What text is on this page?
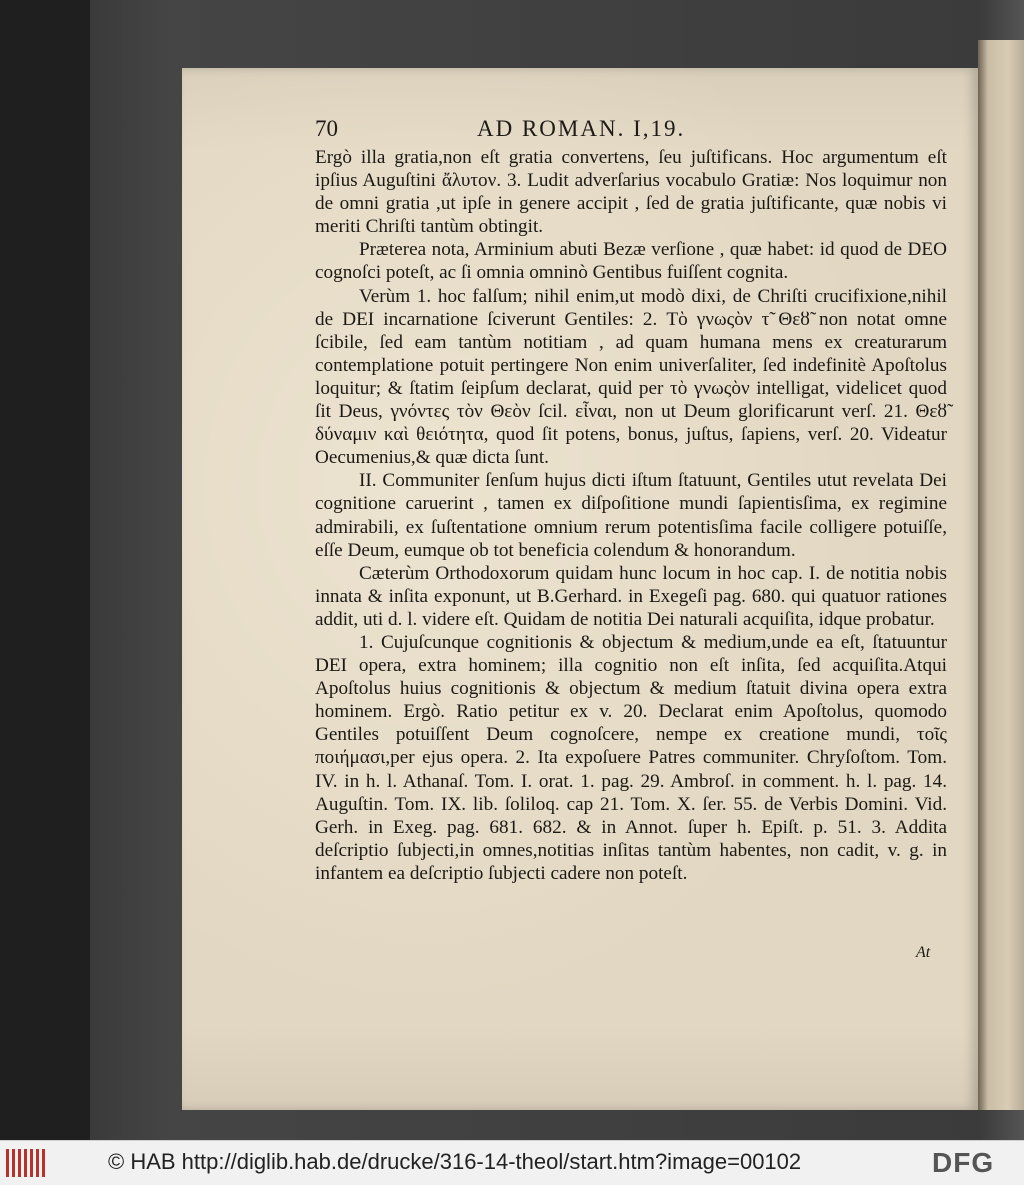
70	AD ROMAN. I,19.

Ergò illa gratia,non eſt gratia convertens, ſeu juſtificans. Hoc argumentum eſt ipſius Auguſtini ἄλυτον. 3. Ludit adverſarius vocabulo Gratiæ: Nos loquimur non de omni gratia ,ut ipſe in genere accipit , ſed de gratia juſtificante, quæ nobis vi meriti Chriſti tantùm obtingit.

Præterea nota, Arminium abuti Bezæ verſione , quæ habet: id quod de DEO cognoſci poteſt, ac ſi omnia omninò Gentibus fuiſſent cognita.

Verùm 1. hoc falſum; nihil enim,ut modò dixi, de Chriſti crucifixione,nihil de DEI incarnatione ſciverunt Gentiles: 2. Τὸ γνωςὸν τ̃ Θεȣ̃ non notat omne ſcibile, ſed eam tantùm notitiam , ad quam humana mens ex creaturarum contemplatione potuit pertingere Non enim univerſaliter, ſed indefinitè Apoſtolus loquitur; & ſtatim ſeipſum declarat, quid per τὸ γνωςὸν intelligat, videlicet quod ſit Deus, γνόντες τὸν Θεὸν ſcil. εἶναι, non ut Deum glorificarunt verſ. 21. Θεȣ̃ δύναμιν καὶ θειότητα, quod ſit potens, bonus, juſtus, ſapiens, verſ. 20. Videatur Oecumenius,& quæ dicta ſunt.

II. Communiter ſenſum hujus dicti iſtum ſtatuunt, Gentiles utut revelata Dei cognitione caruerint , tamen ex diſpoſitione mundi ſapientisſima, ex regimine admirabili, ex ſuſtentatione omnium rerum potentisſima facile colligere potuiſſe, eſſe Deum, eumque ob tot beneficia colendum & honorandum.

Cæterùm Orthodoxorum quidam hunc locum in hoc cap. I. de notitia nobis innata & inſita exponunt, ut B.Gerhard. in Exegeſi pag. 680. qui quatuor rationes addit, uti d. l. videre eſt. Quidam de notitia Dei naturali acquiſita, idque probatur.

1. Cujuſcunque cognitionis & objectum & medium,unde ea eſt, ſtatuuntur DEI opera, extra hominem; illa cognitio non eſt inſita, ſed acquiſita.Atqui Apoſtolus huius cognitionis & objectum & medium ſtatuit divina opera extra hominem. Ergò. Ratio petitur ex v. 20. Declarat enim Apoſtolus, quomodo Gentiles potuiſſent Deum cognoſcere, nempe ex creatione mundi, τοῖς ποιήμασι,per ejus opera. 2. Ita expoſuere Patres communiter. Chryſoſtom. Tom. IV. in h. l. Athanaſ. Tom. I. orat. 1. pag. 29. Ambroſ. in comment. h. l. pag. 14. Auguſtin. Tom. IX. lib. ſoliloq. cap 21. Tom. X. ſer. 55. de Verbis Domini. Vid. Gerh. in Exeg. pag. 681. 682. & in Annot. ſuper h. Epiſt. p. 51. 3. Addita deſcriptio ſubjecti,in omnes,notitias inſitas tantùm habentes, non cadit, v. g. in infantem ea deſcriptio ſubjecti cadere non poteſt.

At
© HAB http://diglib.hab.de/drucke/316-14-theol/start.htm?image=00102	DFG
